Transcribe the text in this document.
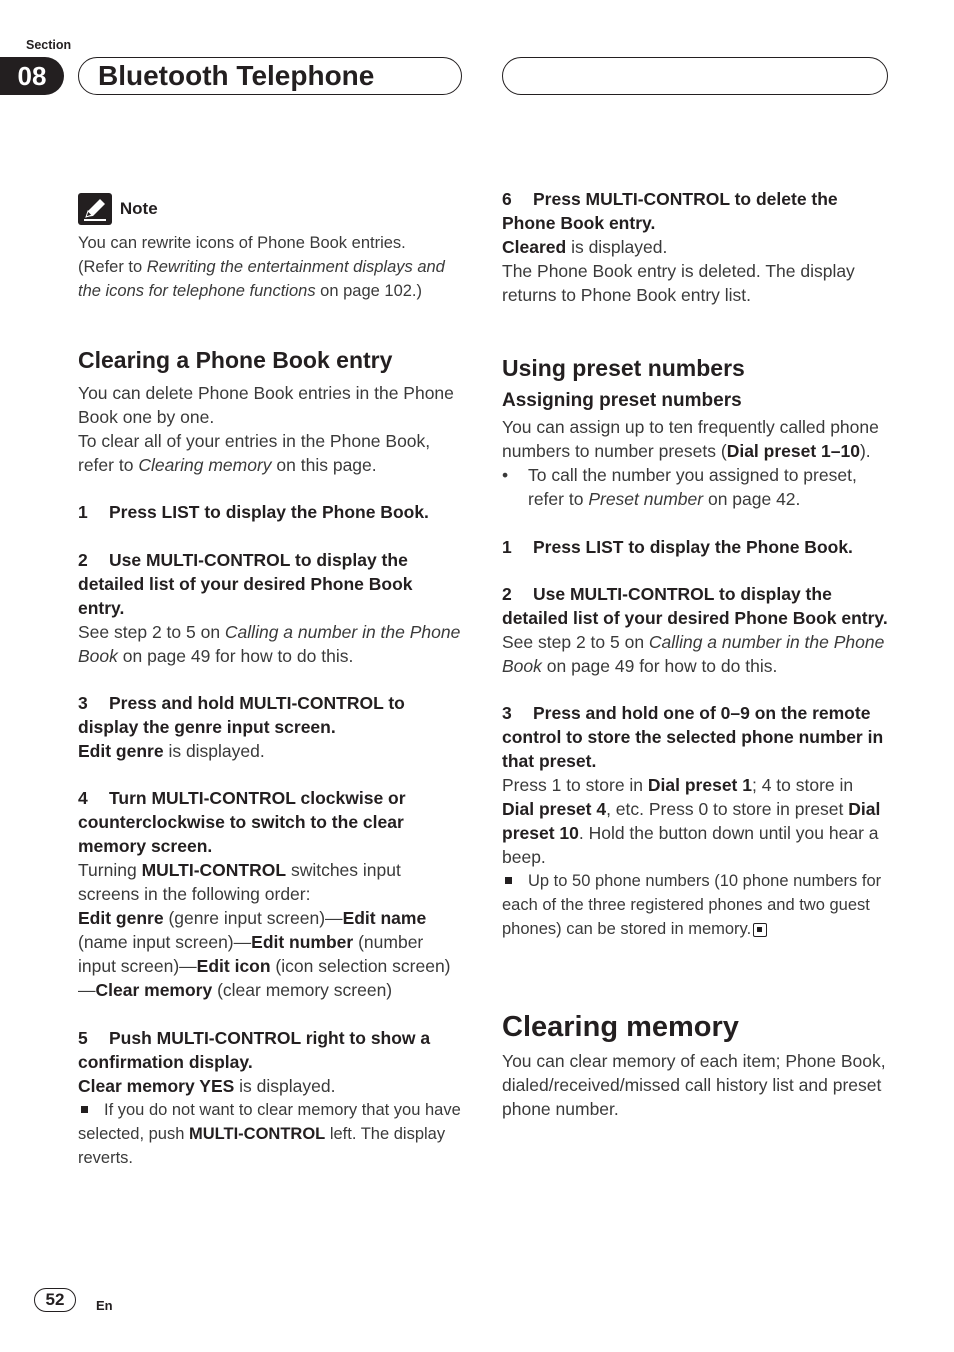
Section
08	Bluetooth Telephone
Note

You can rewrite icons of Phone Book entries.

(Refer to Rewriting the entertainment displays and the icons for telephone functions on page 102.)

Clearing a Phone Book entry

You can delete Phone Book entries in the Phone Book one by one.

To clear all of your entries in the Phone Book, refer to Clearing memory on this page.

1 Press LIST to display the Phone Book.

2 Use MULTI-CONTROL to display the detailed list of your desired Phone Book entry.

See step 2 to 5 on Calling a number in the Phone Book on page 49 for how to do this.

3 Press and hold MULTI-CONTROL to display the genre input screen.

Edit genre is displayed.

4 Turn MULTI-CONTROL clockwise or counterclockwise to switch to the clear memory screen.

Turning MULTI-CONTROL switches input screens in the following order:

Edit genre (genre input screen)—Edit name (name input screen)—Edit number (number input screen)—Edit icon (icon selection screen)—Clear memory (clear memory screen)

5 Push MULTI-CONTROL right to show a confirmation display.

Clear memory YES is displayed.

If you do not want to clear memory that you have selected, push MULTI-CONTROL left. The display reverts.

6 Press MULTI-CONTROL to delete the Phone Book entry.

Cleared is displayed.

The Phone Book entry is deleted. The display returns to Phone Book entry list.

Using preset numbers
Assigning preset numbers

You can assign up to ten frequently called phone numbers to number presets (Dial preset 1–10).

• To call the number you assigned to preset, refer to Preset number on page 42.

1 Press LIST to display the Phone Book.

2 Use MULTI-CONTROL to display the detailed list of your desired Phone Book entry.

See step 2 to 5 on Calling a number in the Phone Book on page 49 for how to do this.

3 Press and hold one of 0–9 on the remote control to store the selected phone number in that preset.

Press 1 to store in Dial preset 1; 4 to store in Dial preset 4, etc. Press 0 to store in preset Dial preset 10. Hold the button down until you hear a beep.

Up to 50 phone numbers (10 phone numbers for each of the three registered phones and two guest phones) can be stored in memory.

Clearing memory

You can clear memory of each item; Phone Book, dialed/received/missed call history list and preset phone number.

52	En
